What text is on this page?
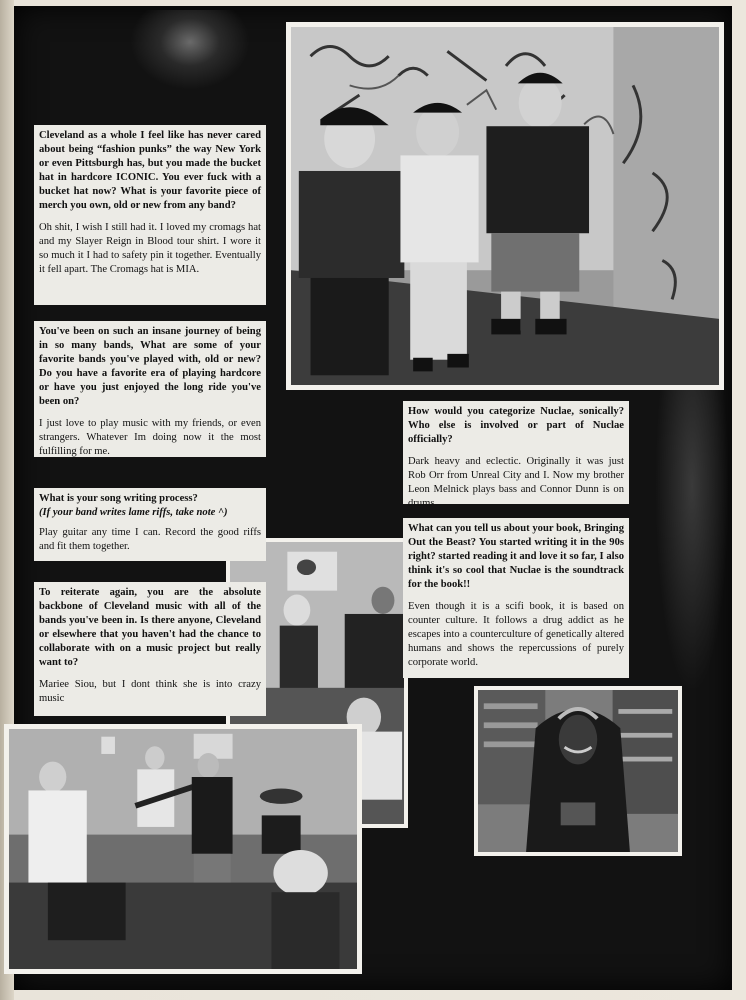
Cleveland as a whole I feel like has never cared about being “fashion punks” the way New York or even Pittsburgh has, but you made the bucket hat in hardcore ICONIC. You ever fuck with a bucket hat now? What is your favorite piece of merch you own, old or new from any band?

Oh shit, I wish I still had it. I loved my cromags hat and my Slayer Reign in Blood tour shirt. I wore it so much it I had to safety pin it together. Eventually it fell apart. The Cromags hat is MIA.

You've been on such an insane journey of being in so many bands, What are some of your favorite bands you've played with, old or new? Do you have a favorite era of playing hardcore or have you just enjoyed the long ride you've been on?

I just love to play music with my friends, or even strangers. Whatever Im doing now it the most fulfilling for me.

What is your song writing process?
(If your band writes lame riffs, take note ^)

Play guitar any time I can. Record the good riffs and fit them together.

To reiterate again, you are the absolute backbone of Cleveland music with all of the bands you've been in. Is there anyone, Cleveland or elsewhere that you haven't had the chance to collaborate with on a music project but really want to?

Mariee Siou, but I dont think she is into crazy music

How would you categorize Nuclae, sonically? Who else is involved or part of Nuclae officially?

Dark heavy and eclectic. Originally it was just Rob Orr from Unreal City and I. Now my brother Leon Melnick plays bass and Connor Dunn is on drums.

What can you tell us about your book, Bringing Out the Beast? You started writing it in the 90s right? started reading it and love it so far, I also think it's so cool that Nuclae is the soundtrack for the book!!

Even though it is a scifi book, it is based on counter culture. It follows a drug addict as he escapes into a counterculture of genetically altered humans and shows the repercussions of purely corporate world.
